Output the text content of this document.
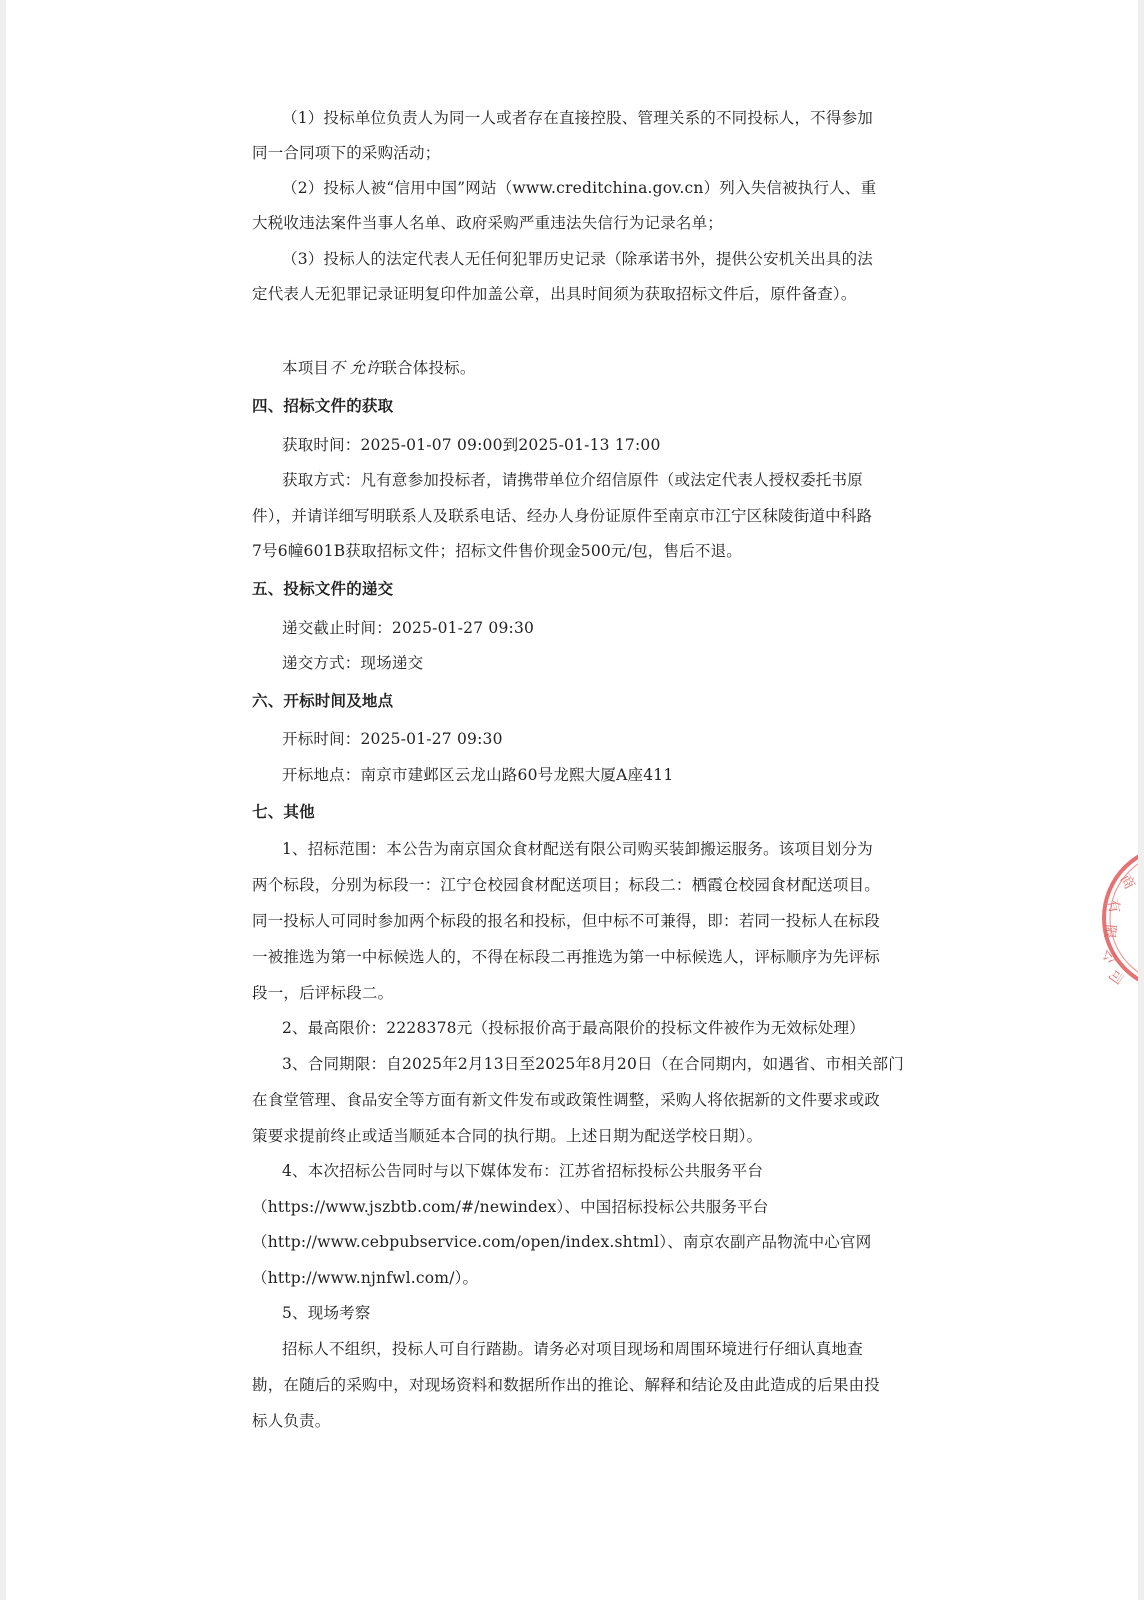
（1）投标单位负责人为同一人或者存在直接控股、管理关系的不同投标人，不得参加
同一合同项下的采购活动；
（2）投标人被“信用中国”网站（www.creditchina.gov.cn）列入失信被执行人、重
大税收违法案件当事人名单、政府采购严重违法失信行为记录名单；
（3）投标人的法定代表人无任何犯罪历史记录（除承诺书外，提供公安机关出具的法
定代表人无犯罪记录证明复印件加盖公章，出具时间须为获取招标文件后，原件备查）。
本项目不 允许联合体投标。
四、招标文件的获取
获取时间：2025-01-07 09:00到2025-01-13 17:00
获取方式：凡有意参加投标者，请携带单位介绍信原件（或法定代表人授权委托书原
件），并请详细写明联系人及联系电话、经办人身份证原件至南京市江宁区秣陵街道中科路
7号6幢601B获取招标文件；招标文件售价现金500元/包，售后不退。
五、投标文件的递交
递交截止时间：2025-01-27 09:30
递交方式：现场递交
六、开标时间及地点
开标时间：2025-01-27 09:30
开标地点：南京市建邺区云龙山路60号龙熙大厦A座411
七、其他
1、招标范围：本公告为南京国众食材配送有限公司购买装卸搬运服务。该项目划分为
两个标段，分别为标段一：江宁仓校园食材配送项目；标段二：栖霞仓校园食材配送项目。
同一投标人可同时参加两个标段的报名和投标，但中标不可兼得，即：若同一投标人在标段
一被推选为第一中标候选人的，不得在标段二再推选为第一中标候选人，评标顺序为先评标
段一，后评标段二。
2、最高限价：2228378元（投标报价高于最高限价的投标文件被作为无效标处理）
3、合同期限：自2025年2月13日至2025年8月20日（在合同期内，如遇省、市相关部门
在食堂管理、食品安全等方面有新文件发布或政策性调整，采购人将依据新的文件要求或政
策要求提前终止或适当顺延本合同的执行期。上述日期为配送学校日期）。
4、本次招标公告同时与以下媒体发布：江苏省招标投标公共服务平台
（https://www.jszbtb.com/#/newindex）、中国招标投标公共服务平台
（http://www.cebpubservice.com/open/index.shtml）、南京农副产品物流中心官网
（http://www.njnfwl.com/）。
5、现场考察
招标人不组织，投标人可自行踏勘。请务必对项目现场和周围环境进行仔细认真地查
勘，在随后的采购中，对现场资料和数据所作出的推论、解释和结论及由此造成的后果由投
标人负责。
商
有
限
公
司
